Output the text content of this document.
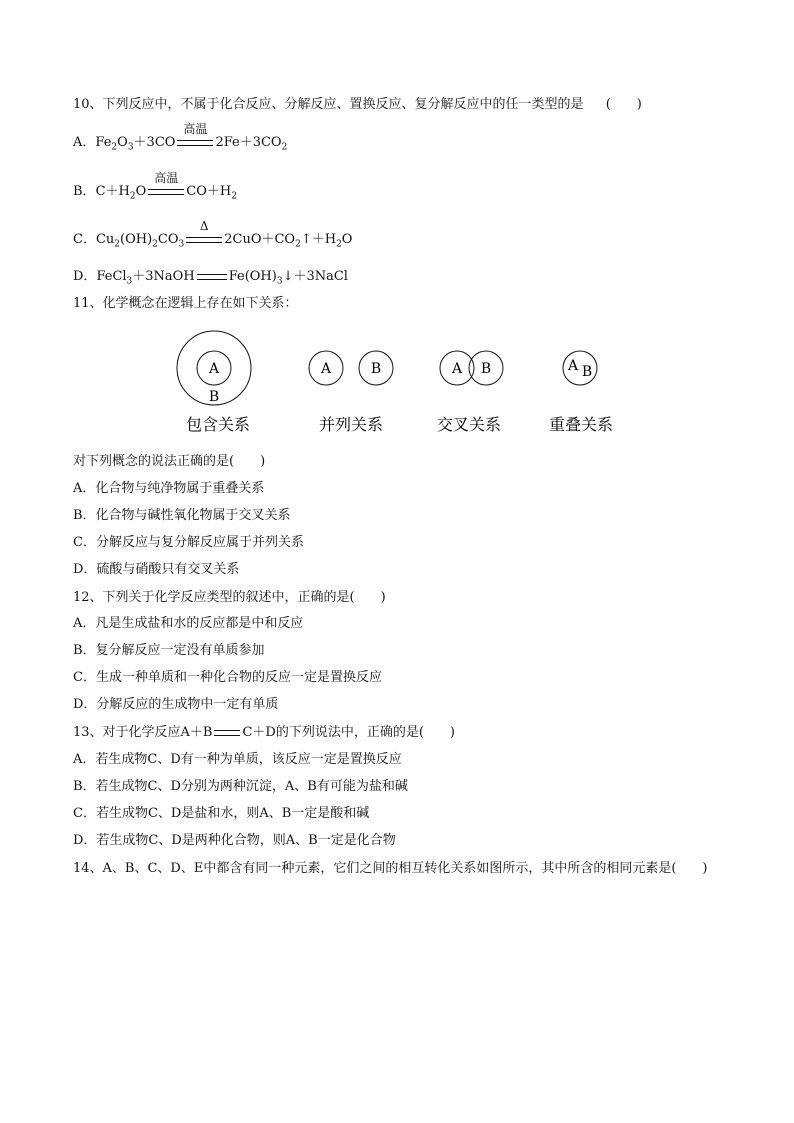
10、下列反应中，不属于化合反应、分解反应、置换反应、复分解反应中的任一类型的是 (　　)
A．$Fe_2O_3+3CO$
高温
$2Fe+3CO_2$
B．$C+H_2O$
高温
$CO+H_2$
C．$Cu_2(OH)_2CO_3$
Δ
$2CuO+CO_2↑+H_2O$
D．FeCl$_3$＋3NaOH	$Fe(OH)_3↓+3NaCl$
11、化学概念在逻辑上存在如下关系：
A
B
A	B	A B	A B
包含关系	并列关系	交叉关系	重叠关系
对下列概念的说法正确的是(　　)
A．化合物与纯净物属于重叠关系
B．化合物与碱性氧化物属于交叉关系
C．分解反应与复分解反应属于并列关系
D．硫酸与硝酸只有交叉关系
12、下列关于化学反应类型的叙述中，正确的是(　　)
A．凡是生成盐和水的反应都是中和反应
B．复分解反应一定没有单质参加
C．生成一种单质和一种化合物的反应一定是置换反应
D．分解反应的生成物中一定有单质
13、对于化学反应A＋B C＋D的下列说法中，正确的是(　　)
A．若生成物C、D有一种为单质，该反应一定是置换反应
B．若生成物C、D分别为两种沉淀，A、B有可能为盐和碱
C．若生成物C、D是盐和水，则A、B一定是酸和碱
D．若生成物C、D是两种化合物，则A、B一定是化合物
14、A、B、C、D、E中都含有同一种元素，它们之间的相互转化关系如图所示，其中所含的相同元素是(　　)
